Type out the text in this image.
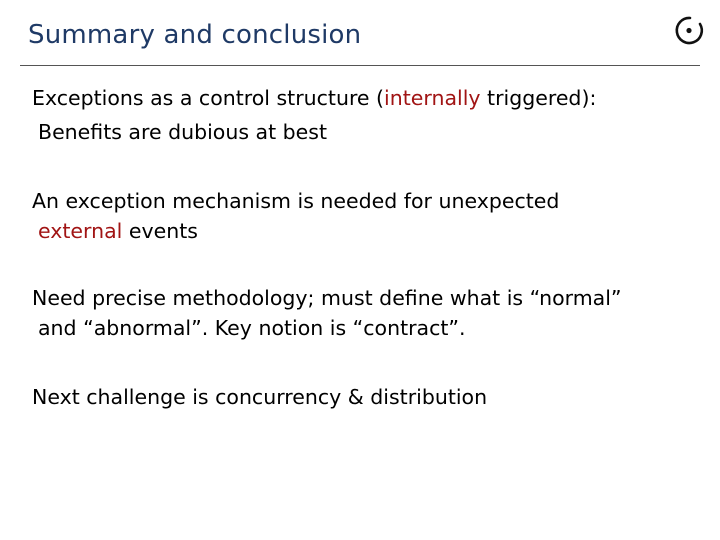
Summary and conclusion
Exceptions as a control structure (internally triggered):
Benefits are dubious at best
An exception mechanism is needed for unexpected
external events
Need precise methodology; must define what is “normal”
and “abnormal”. Key notion is “contract”.
Next challenge is concurrency & distribution
